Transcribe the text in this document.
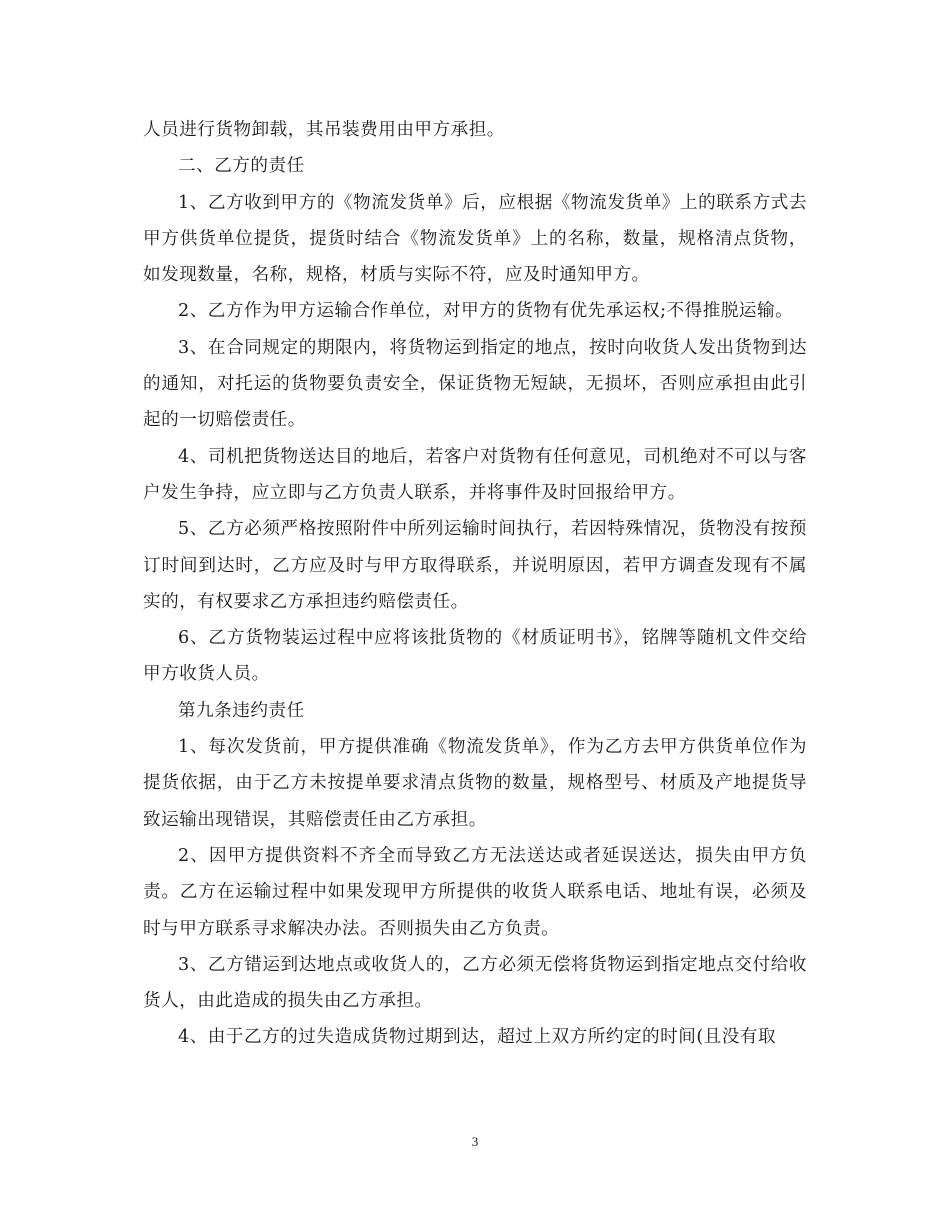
人员进行货物卸载，其吊装费用由甲方承担。

二、乙方的责任

1、乙方收到甲方的《物流发货单》后，应根据《物流发货单》上的联系方式去甲方供货单位提货，提货时结合《物流发货单》上的名称，数量，规格清点货物，如发现数量，名称，规格，材质与实际不符，应及时通知甲方。

2、乙方作为甲方运输合作单位，对甲方的货物有优先承运权;不得推脱运输。

3、在合同规定的期限内，将货物运到指定的地点，按时向收货人发出货物到达的通知，对托运的货物要负责安全，保证货物无短缺，无损坏，否则应承担由此引起的一切赔偿责任。

4、司机把货物送达目的地后，若客户对货物有任何意见，司机绝对不可以与客户发生争持，应立即与乙方负责人联系，并将事件及时回报给甲方。

5、乙方必须严格按照附件中所列运输时间执行，若因特殊情况，货物没有按预订时间到达时，乙方应及时与甲方取得联系，并说明原因，若甲方调查发现有不属实的，有权要求乙方承担违约赔偿责任。

6、乙方货物装运过程中应将该批货物的《材质证明书》，铭牌等随机文件交给甲方收货人员。

第九条违约责任

1、每次发货前，甲方提供准确《物流发货单》，作为乙方去甲方供货单位作为提货依据，由于乙方未按提单要求清点货物的数量，规格型号、材质及产地提货导致运输出现错误，其赔偿责任由乙方承担。

2、因甲方提供资料不齐全而导致乙方无法送达或者延误送达，损失由甲方负责。乙方在运输过程中如果发现甲方所提供的收货人联系电话、地址有误，必须及时与甲方联系寻求解决办法。否则损失由乙方负责。

3、乙方错运到达地点或收货人的，乙方必须无偿将货物运到指定地点交付给收货人，由此造成的损失由乙方承担。

4、由于乙方的过失造成货物过期到达，超过上双方所约定的时间(且没有取

3
